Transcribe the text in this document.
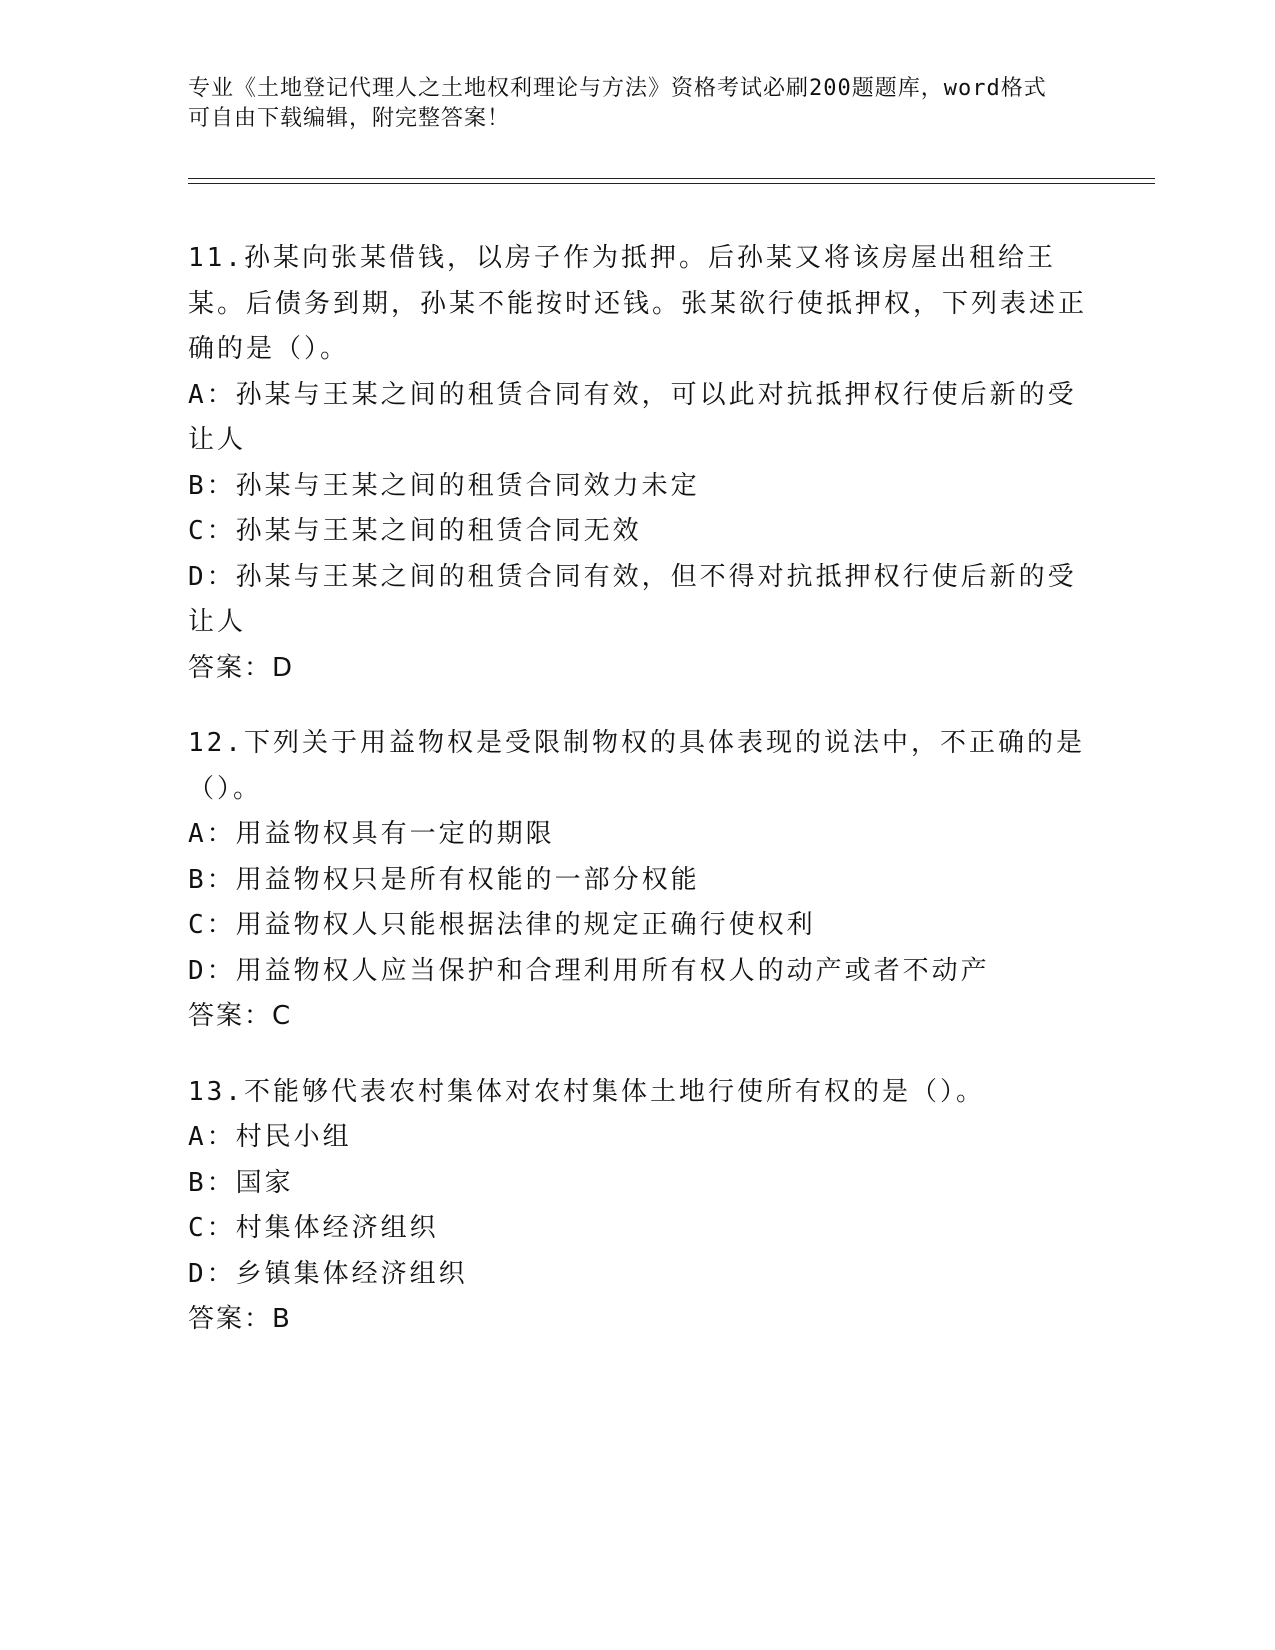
专业《土地登记代理人之土地权利理论与方法》资格考试必刷200题题库，word格式可自由下载编辑，附完整答案！

11.孙某向张某借钱，以房子作为抵押。后孙某又将该房屋出租给王某。后债务到期，孙某不能按时还钱。张某欲行使抵押权，下列表述正确的是（）。

A：孙某与王某之间的租赁合同有效，可以此对抗抵押权行使后新的受让人

B：孙某与王某之间的租赁合同效力未定

C：孙某与王某之间的租赁合同无效

D：孙某与王某之间的租赁合同有效，但不得对抗抵押权行使后新的受让人

答案：D

12.下列关于用益物权是受限制物权的具体表现的说法中，不正确的是（）。

A：用益物权具有一定的期限

B：用益物权只是所有权能的一部分权能

C：用益物权人只能根据法律的规定正确行使权利

D：用益物权人应当保护和合理利用所有权人的动产或者不动产

答案：C

13.不能够代表农村集体对农村集体土地行使所有权的是（）。

A：村民小组

B：国家

C：村集体经济组织

D：乡镇集体经济组织

答案：B
